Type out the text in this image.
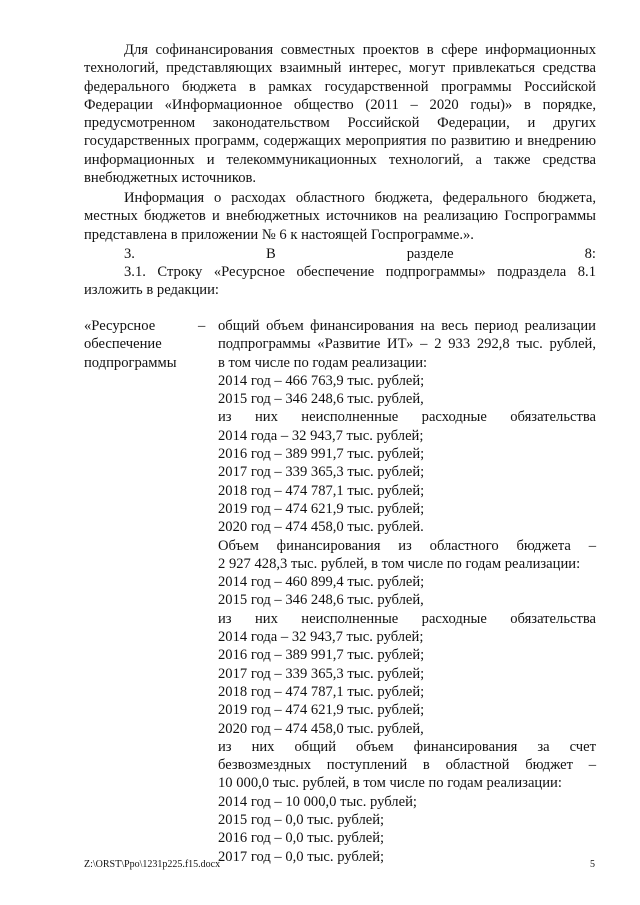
Для софинансирования совместных проектов в сфере информационных
технологий, представляющих взаимный интерес, могут привлекаться средства
федерального бюджета в рамках государственной программы Российской
Федерации «Информационное общество (2011 – 2020 годы)» в порядке,
предусмотренном законодательством Российской Федерации, и других
государственных программ, содержащих мероприятия по развитию и внедрению
информационных и телекоммуникационных технологий, а также средства
внебюджетных источников.

Информация о расходах областного бюджета, федерального бюджета,
местных бюджетов и внебюджетных источников на реализацию Госпрограммы
представлена в приложении № 6 к настоящей Госпрограмме.».

3. В разделе 8:

3.1. Строку «Ресурсное обеспечение подпрограммы» подраздела 8.1
изложить в редакции:

«Ресурсное
обеспечение
подпрограммы
– общий объем финансирования на весь период реализации
подпрограммы «Развитие ИТ» – 2 933 292,8 тыс. рублей,
в том числе по годам реализации:
2014 год – 466 763,9 тыс. рублей;
2015 год – 346 248,6 тыс. рублей,
из них неисполненные расходные обязательства
2014 года – 32 943,7 тыс. рублей;
2016 год – 389 991,7 тыс. рублей;
2017 год – 339 365,3 тыс. рублей;
2018 год – 474 787,1 тыс. рублей;
2019 год – 474 621,9 тыс. рублей;
2020 год – 474 458,0 тыс. рублей.
Объем финансирования из областного бюджета –
2 927 428,3 тыс. рублей, в том числе по годам реализации:
2014 год – 460 899,4 тыс. рублей;
2015 год – 346 248,6 тыс. рублей,
из них неисполненные расходные обязательства
2014 года – 32 943,7 тыс. рублей;
2016 год – 389 991,7 тыс. рублей;
2017 год – 339 365,3 тыс. рублей;
2018 год – 474 787,1 тыс. рублей;
2019 год – 474 621,9 тыс. рублей;
2020 год – 474 458,0 тыс. рублей,
из них общий объем финансирования за счет
безвозмездных поступлений в областной бюджет –
10 000,0 тыс. рублей, в том числе по годам реализации:
2014 год – 10 000,0 тыс. рублей;
2015 год – 0,0 тыс. рублей;
2016 год – 0,0 тыс. рублей;
2017 год – 0,0 тыс. рублей;
Z:\ORST\Ppo\1231p225.f15.docx	5
